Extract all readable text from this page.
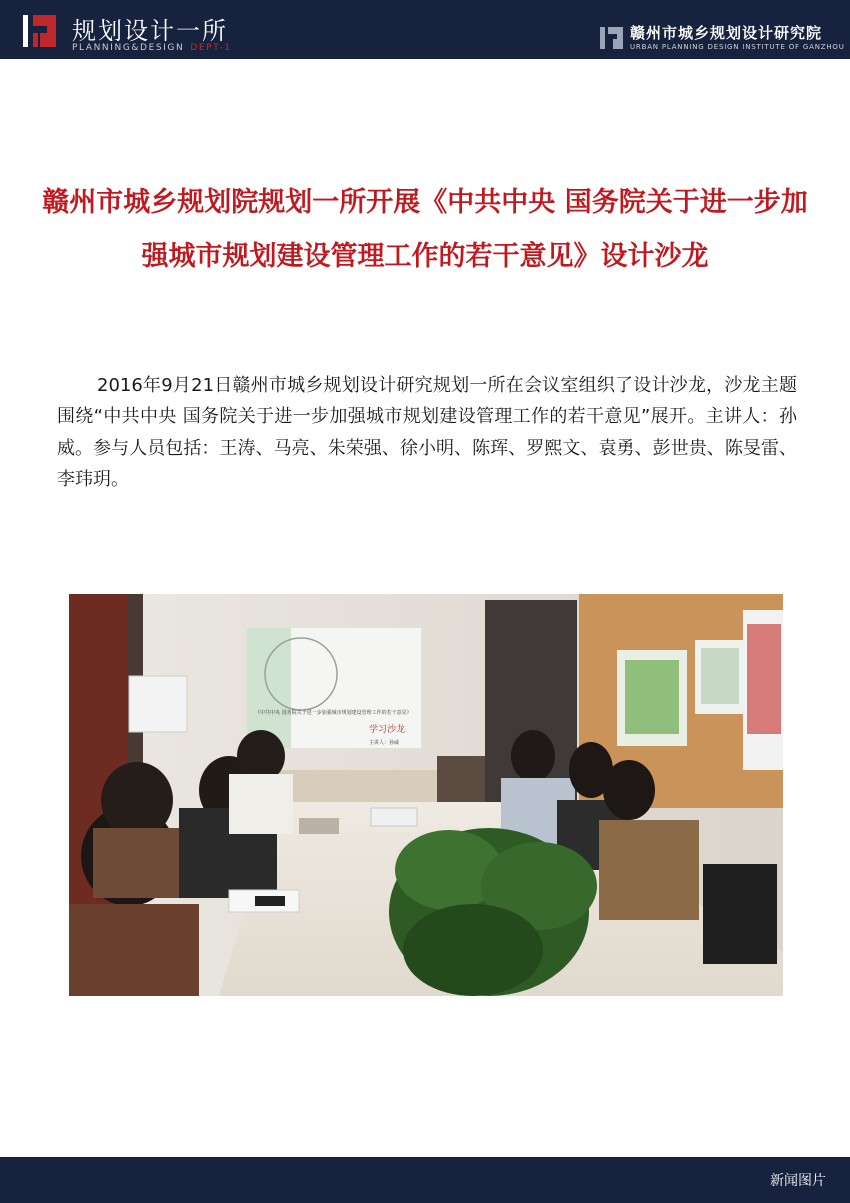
规划设计一所
PLANNING&DESIGN DEPT-1
赣州市城乡规划设计研究院
URBAN PLANNING DESIGN INSTITUTE OF GANZHOU
赣州市城乡规划院规划一所开展《中共中央 国务院关于进一步加强城市规划建设管理工作的若干意见》设计沙龙

2016年9月21日赣州市城乡规划设计研究规划一所在会议室组织了设计沙龙，沙龙主题围绕“中共中央 国务院关于进一步加强城市规划建设管理工作的若干意见”展开。主讲人：孙威。参与人员包括：王涛、马亮、朱荣强、徐小明、陈珲、罗熙文、袁勇、彭世贵、陈旻雷、李玮玥。

《中共中央 国务院关于进一步加强城市规划建设管理工作的若干意见》
学习沙龙
主讲人：孙威
新闻图片
